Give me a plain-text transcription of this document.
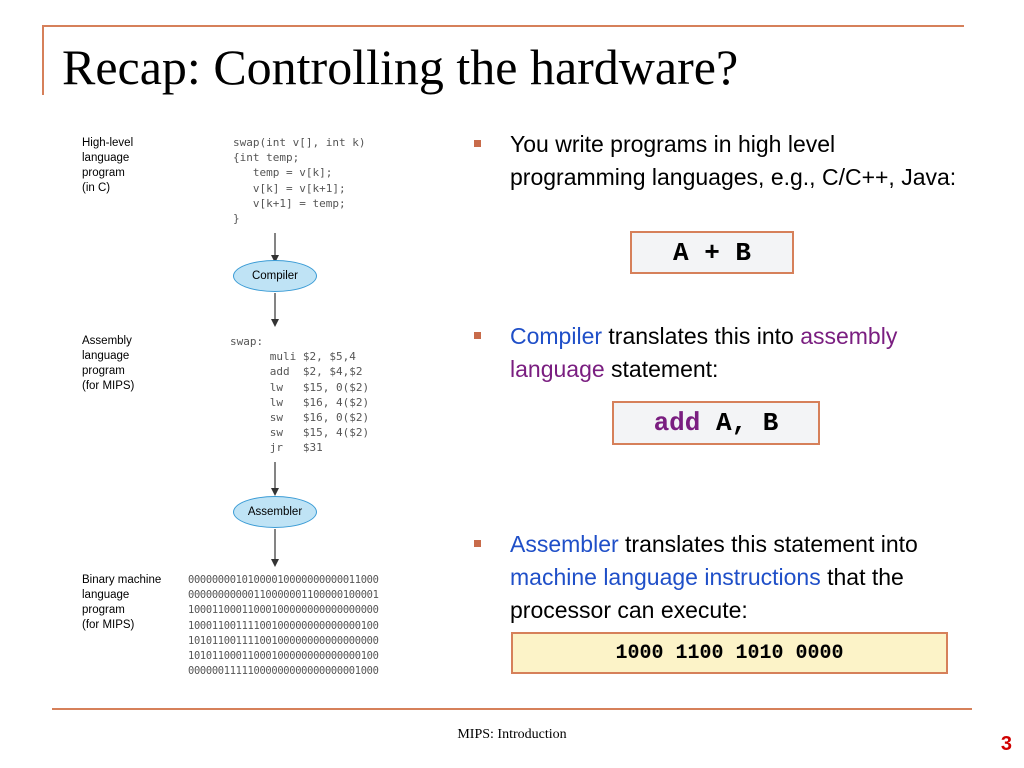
Recap: Controlling the hardware?
High-level
language
program
(in C)
swap(int v[], int k)
{int temp;
temp = v[k];
v[k] = v[k+1];
v[k+1] = temp;
}
Compiler
Assembly
language
program
(for MIPS)
swap:
muli $2, $5,4
add  $2, $4,$2
lw   $15, 0($2)
lw   $16, 4($2)
sw   $16, 0($2)
sw   $15, 4($2)
jr   $31
Assembler
Binary machine
language
program
(for MIPS)
00000000101000010000000000011000
00000000000110000001100000100001
10001100011000100000000000000000
10001100111100100000000000000100
10101100111100100000000000000000
10101100011000100000000000000100
00000011111000000000000000001000
You write programs in high level programming languages, e.g., C/C++, Java:
Compiler translates this into assembly language statement:
Assembler translates this statement into machine language instructions that the processor can execute:
A + B
add A, B
1000 1100 1010 0000
MIPS: Introduction	3
